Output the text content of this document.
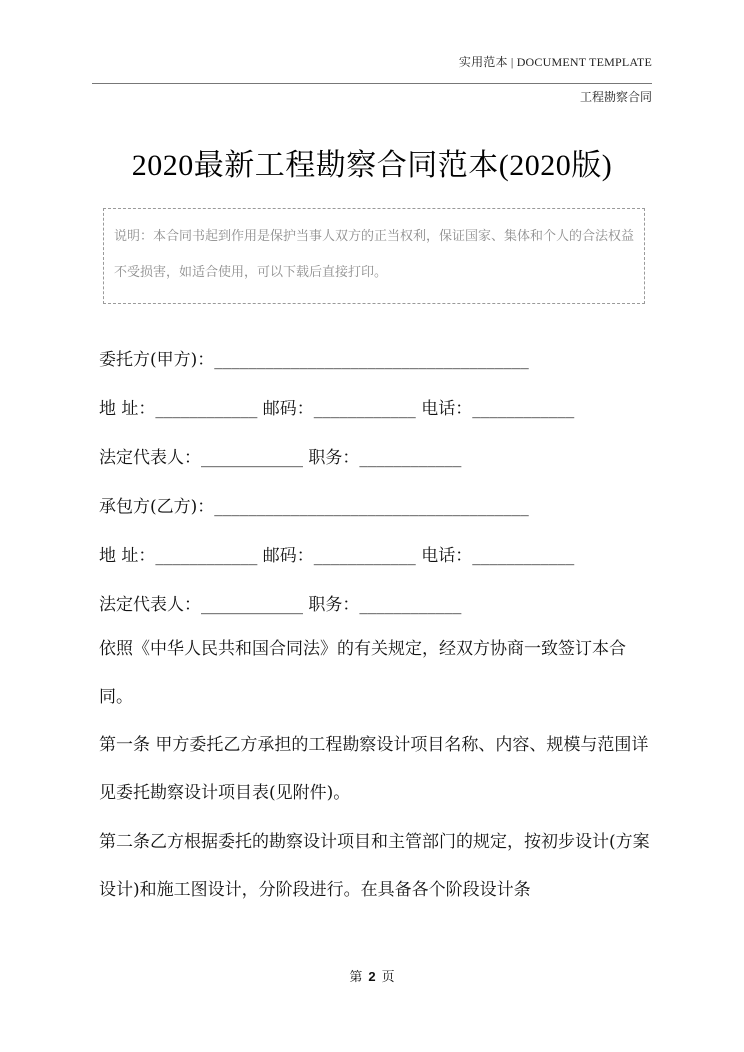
实用范本 | DOCUMENT TEMPLATE
工程勘察合同
2020最新工程勘察合同范本(2020版)
说明：本合同书起到作用是保护当事人双方的正当权利，保证国家、集体和个人的合法权益不受损害，如适合使用，可以下载后直接打印。
委托方(甲方)：_____________________________________
地 址：____________ 邮码：____________ 电话：____________
法定代表人：____________ 职务：____________
承包方(乙方)：_____________________________________
地 址：____________ 邮码：____________ 电话：____________
法定代表人：____________ 职务：____________
依照《中华人民共和国合同法》的有关规定，经双方协商一致签订本合同。
第一条 甲方委托乙方承担的工程勘察设计项目名称、内容、规模与范围详见委托勘察设计项目表(见附件)。
第二条乙方根据委托的勘察设计项目和主管部门的规定，按初步设计(方案设计)和施工图设计，分阶段进行。在具备各个阶段设计条
第 2 页
